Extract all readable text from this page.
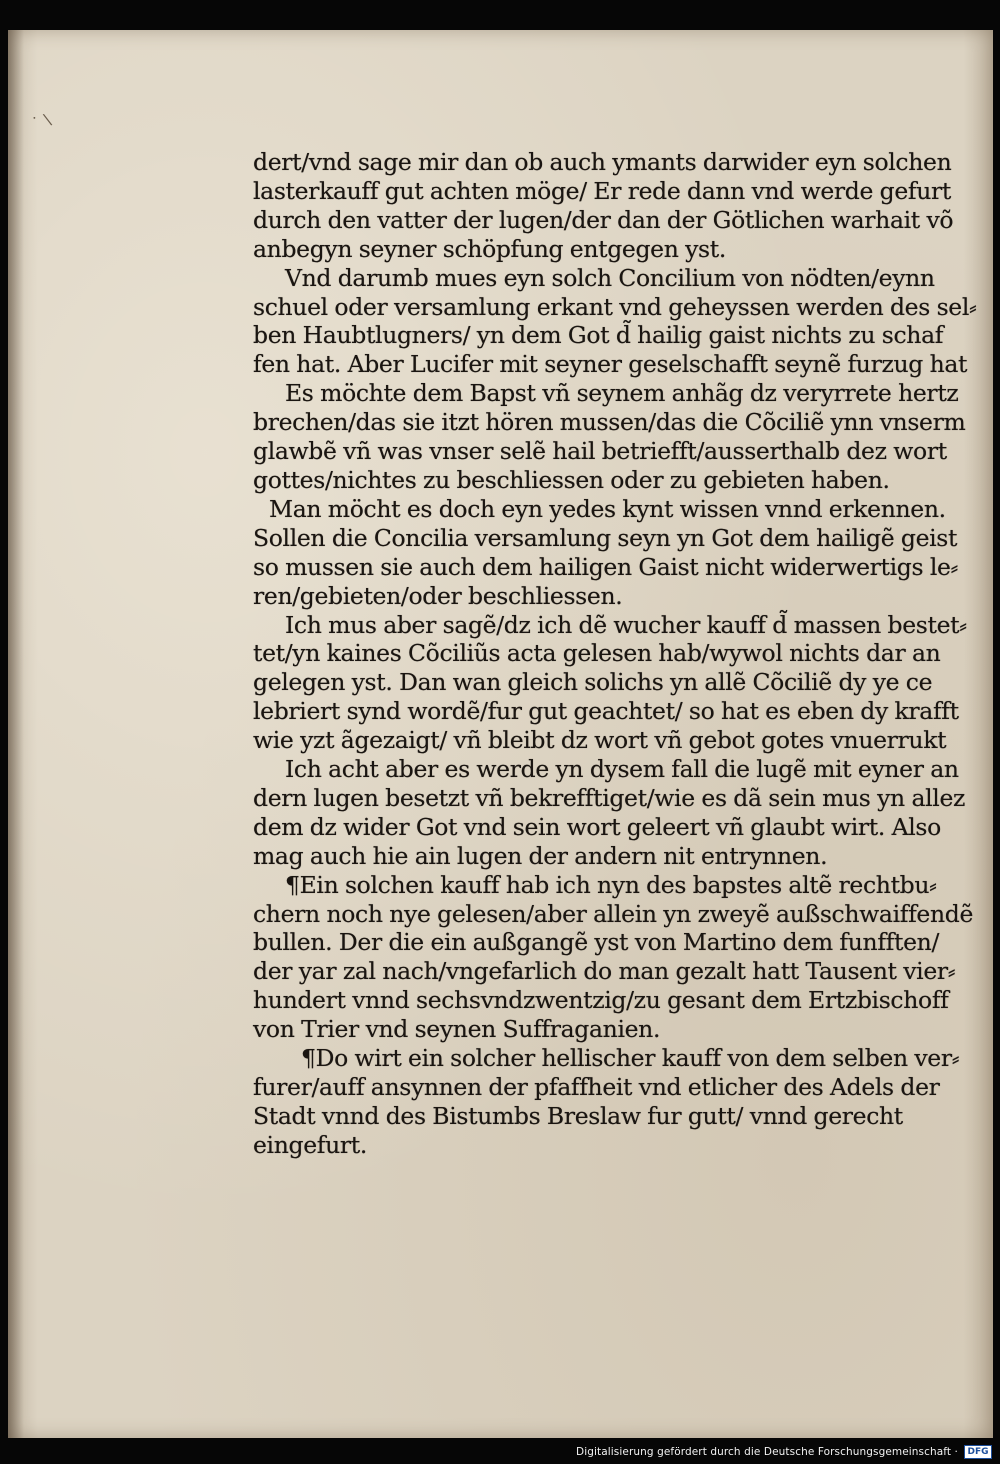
˙ \
dert/vnd sage mir dan ob auch ymants darwider eyn solchen
lasterkauff gut achten möge/ Er rede dann vnd werde gefurt
durch den vatter der lugen/der dan der Götlichen warhait võ
anbegyn seyner schöpfung entgegen yst.
Vnd darumb mues eyn solch Concilium von nödten/eynn
schuel oder versamlung erkant vnd geheyssen werden des sel⸗
ben Haubtlugners/ yn dem Got d̃ hailig gaist nichts zu schaf
fen hat. Aber Lucifer mit seyner geselschafft seynẽ furzug hat
Es möchte dem Bapst vñ seynem anhãg dz veryrrete hertz
brechen/das sie itzt hören mussen/das die Cõciliẽ ynn vnserm
glawbẽ vñ was vnser selẽ hail betriefft/ausserthalb dez wort
gottes/nichtes zu beschliessen oder zu gebieten haben.
Man möcht es doch eyn yedes kynt wissen vnnd erkennen.
Sollen die Concilia versamlung seyn yn Got dem hailigẽ geist
so mussen sie auch dem hailigen Gaist nicht widerwertigs le⸗
ren/gebieten/oder beschliessen.
Ich mus aber sagẽ/dz ich dẽ wucher kauff d̃ massen bestet⸗
tet/yn kaines Cõciliũs acta gelesen hab/wywol nichts dar an
gelegen yst. Dan wan gleich solichs yn allẽ Cõciliẽ dy ye ce
lebriert synd wordẽ/fur gut geachtet/ so hat es eben dy krafft
wie yzt ãgezaigt/ vñ bleibt dz wort vñ gebot gotes vnuerrukt
Ich acht aber es werde yn dysem fall die lugẽ mit eyner an
dern lugen besetzt vñ bekrefftiget/wie es dã sein mus yn allez
dem dz wider Got vnd sein wort geleert vñ glaubt wirt. Also
mag auch hie ain lugen der andern nit entrynnen.
¶Ein solchen kauff hab ich nyn des bapstes altẽ rechtbu⸗
chern noch nye gelesen/aber allein yn zweyẽ außschwaiffendẽ
bullen. Der die ein außgangẽ yst von Martino dem funfften/
der yar zal nach/vngefarlich do man gezalt hatt Tausent vier⸗
hundert vnnd sechsvndzwentzig/zu gesant dem Ertzbischoff
von Trier vnd seynen Suffraganien.
¶Do wirt ein solcher hellischer kauff von dem selben ver⸗
furer/auff ansynnen der pfaffheit vnd etlicher des Adels der
Stadt vnnd des Bistumbs Breslaw fur gutt/ vnnd gerecht
eingefurt.
Digitalisierung gefördert durch die Deutsche Forschungsgemeinschaft ·	DFG
